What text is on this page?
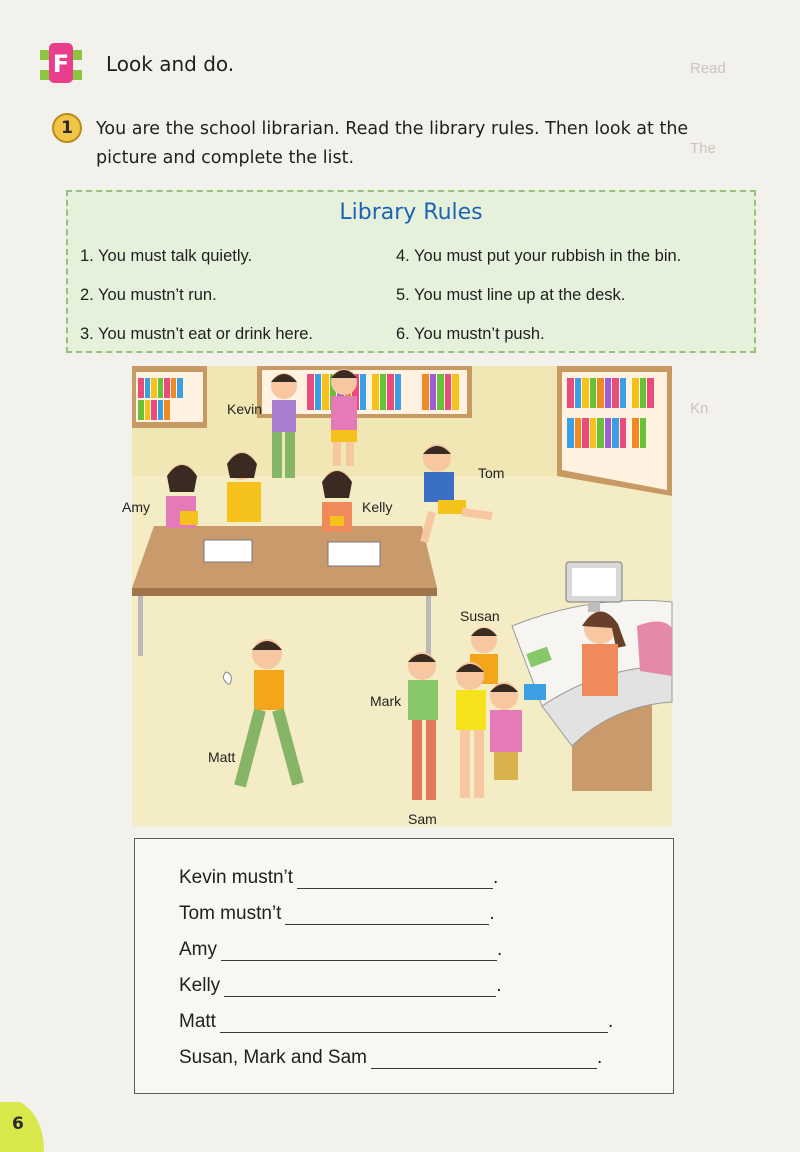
Read
The
Kn
F Look and do.
1	You are the school librarian. Read the library rules. Then look at the picture and complete the list.
Library Rules
1. You must talk quietly.
2. You mustn’t run.
3. You mustn’t eat or drink here.
4. You must put your rubbish in the bin.
5. You must line up at the desk.
6. You mustn’t push.
Kevin
Tom
Amy	Kelly
Susan
Mark
Matt
Sam
Kevin mustn’t	.
Tom mustn’t	.
Amy	.
Kelly	.
Matt	.
Susan, Mark and Sam	.
6
